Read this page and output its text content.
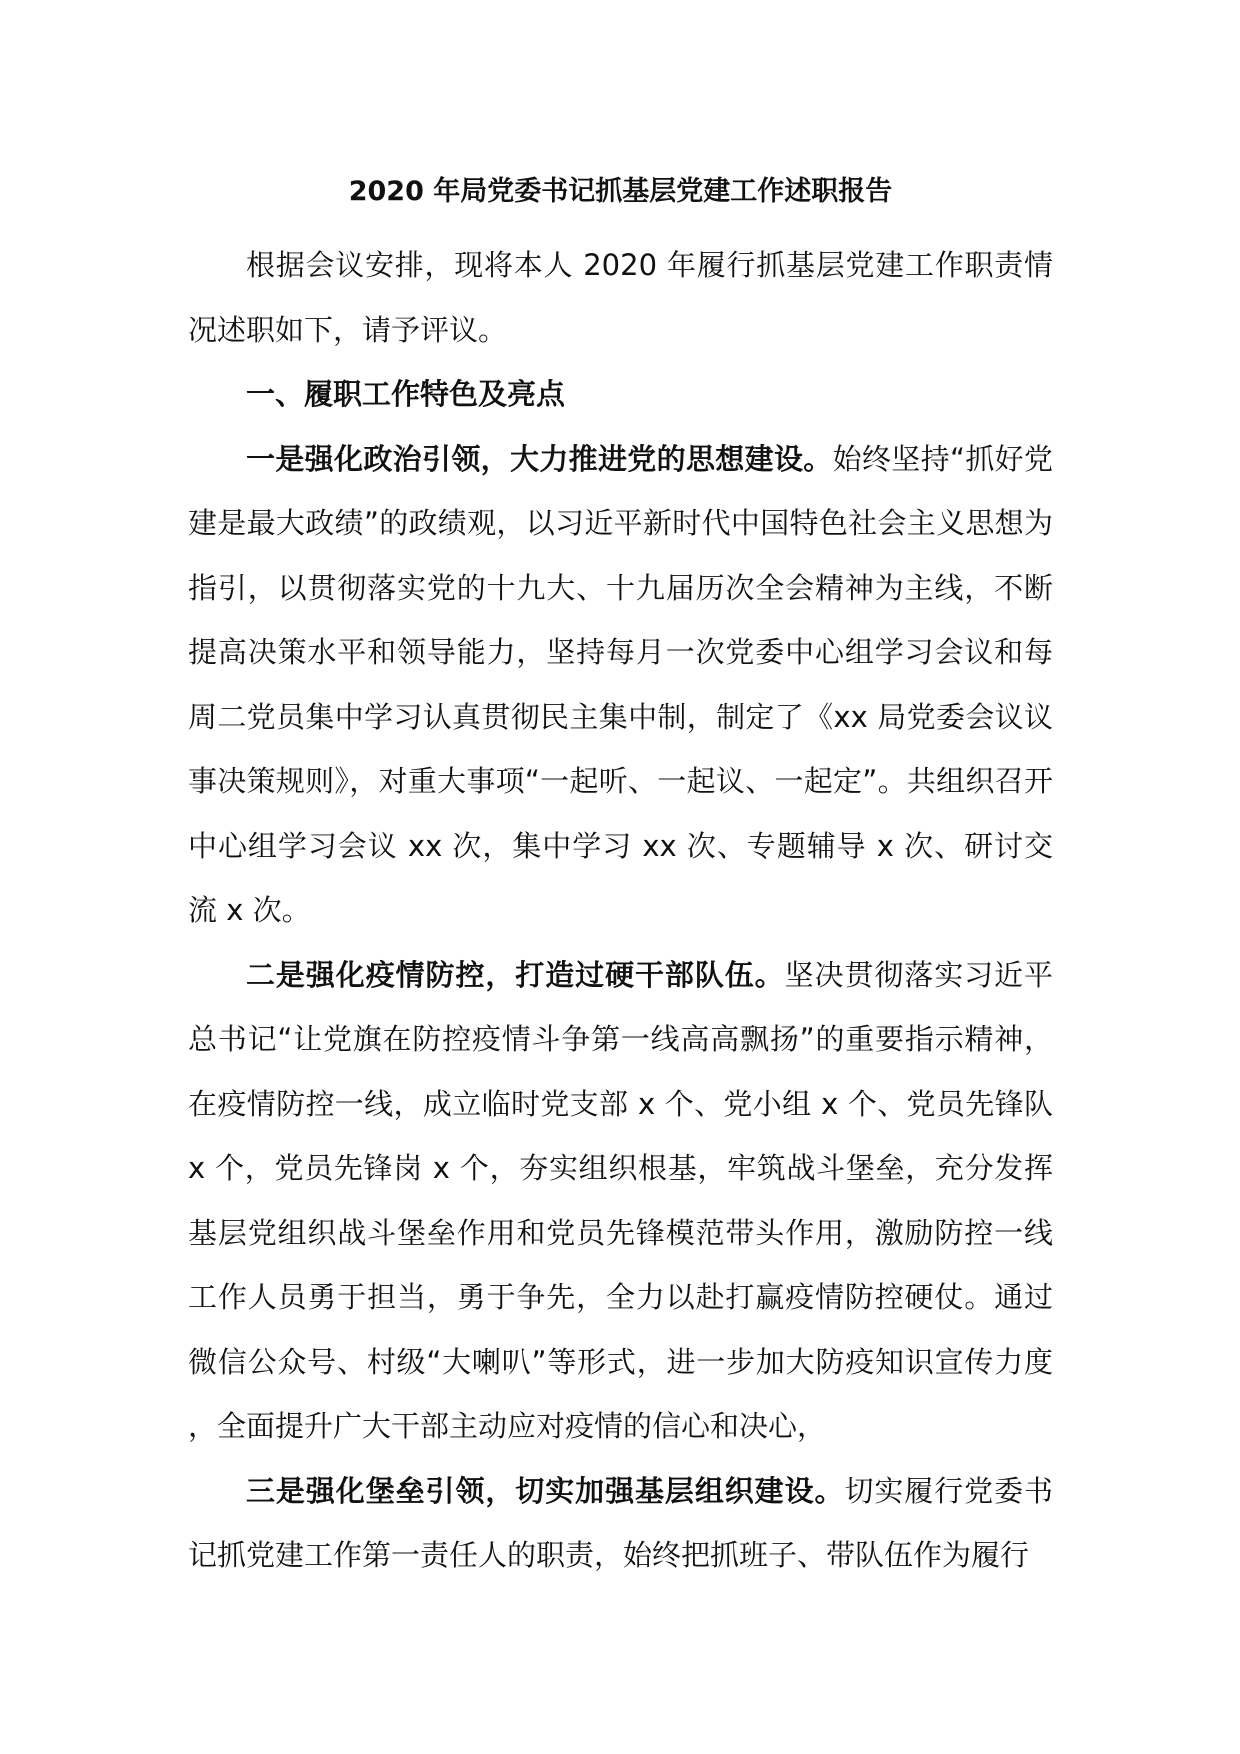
2020 年局党委书记抓基层党建工作述职报告

根据会议安排，现将本人 2020 年履行抓基层党建工作职责情况述职如下，请予评议。

一、履职工作特色及亮点

一是强化政治引领，大力推进党的思想建设。始终坚持“抓好党建是最大政绩”的政绩观，以习近平新时代中国特色社会主义思想为指引，以贯彻落实党的十九大、十九届历次全会精神为主线，不断提高决策水平和领导能力，坚持每月一次党委中心组学习会议和每周二党员集中学习认真贯彻民主集中制，制定了《xx 局党委会议议事决策规则》，对重大事项“一起听、一起议、一起定”。共组织召开中心组学习会议 xx 次，集中学习 xx 次、专题辅导 x 次、研讨交流 x 次。

二是强化疫情防控，打造过硬干部队伍。坚决贯彻落实习近平总书记“让党旗在防控疫情斗争第一线高高飘扬”的重要指示精神，在疫情防控一线，成立临时党支部 x 个、党小组 x 个、党员先锋队 x 个，党员先锋岗 x 个，夯实组织根基，牢筑战斗堡垒，充分发挥基层党组织战斗堡垒作用和党员先锋模范带头作用，激励防控一线工作人员勇于担当，勇于争先，全力以赴打赢疫情防控硬仗。通过微信公众号、村级“大喇叭”等形式，进一步加大防疫知识宣传力度，全面提升广大干部主动应对疫情的信心和决心，

三是强化堡垒引领，切实加强基层组织建设。切实履行党委书记抓党建工作第一责任人的职责，始终把抓班子、带队伍作为履行
